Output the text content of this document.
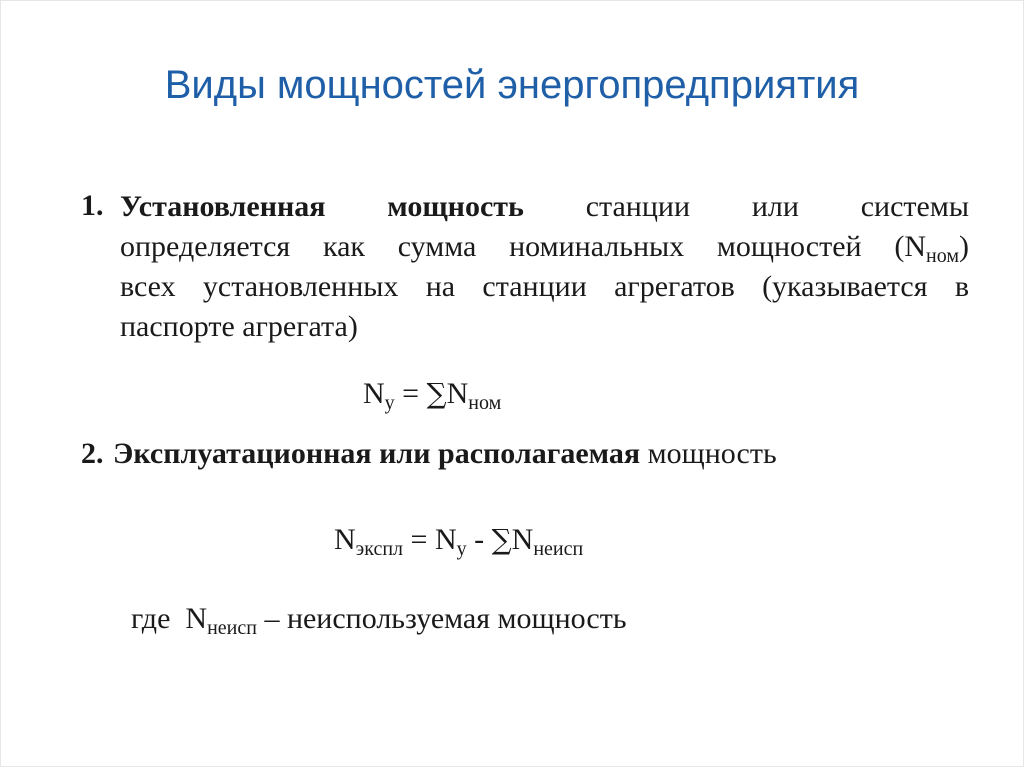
Виды мощностей энергопредприятия
1. Установленная мощность станции или системы
определяется как сумма номинальных мощностей $(N_{ном})$
всех установленных на станции агрегатов (указывается в
паспорте агрегата)
$N_у = \sum N_{ном}$
2. Эксплуатационная или располагаемая мощность
$N_{экспл} = N_у - \sum N_{неисп}$
где  $N_{неисп}$ – неиспользуемая мощность
